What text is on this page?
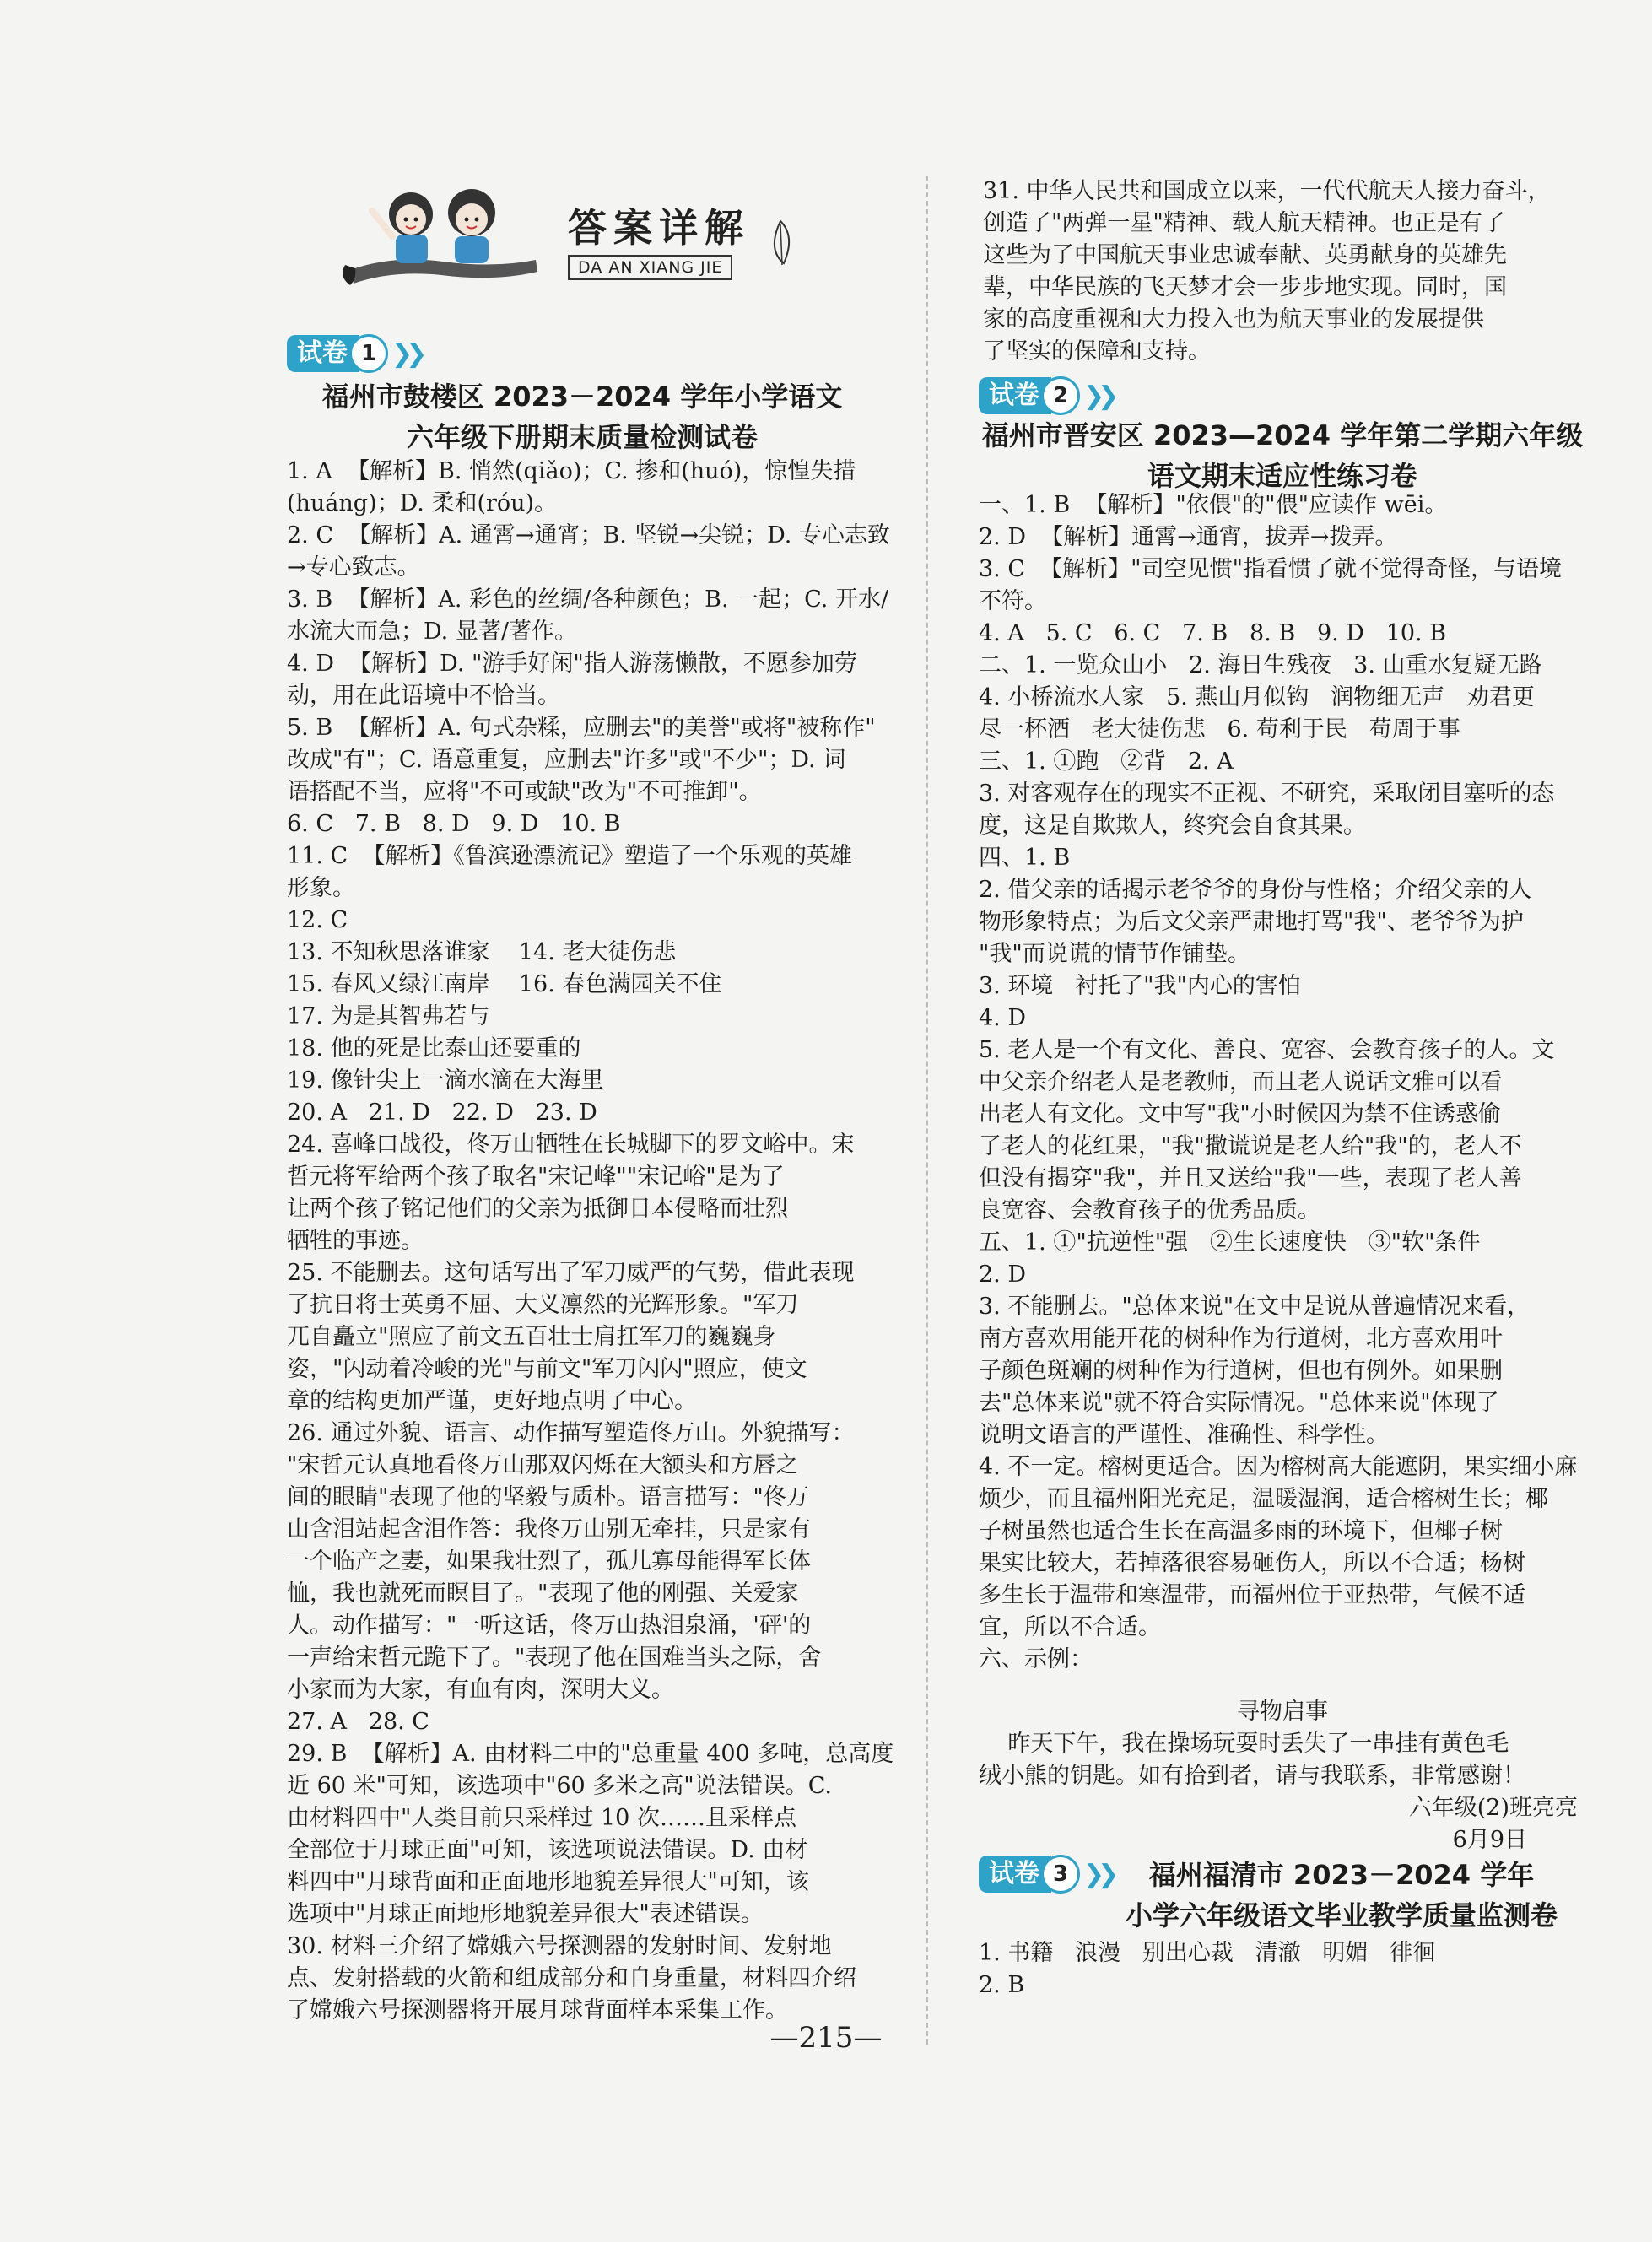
答案详解
DA AN XIANG JIE
试卷 1 ❯❯
福州市鼓楼区 2023－2024 学年小学语文
六年级下册期末质量检测试卷
1. A  【解析】B. 悄然(qiǎo)；C. 掺和(huó)，惊惶失措
(huáng)；D. 柔和(róu)。
2. C  【解析】A. 通霄→通宵；B. 坚锐→尖锐；D. 专心志致
→专心致志。
3. B  【解析】A. 彩色的丝绸/各种颜色；B. 一起；C. 开水/
水流大而急；D. 显著/著作。
4. D  【解析】D. "游手好闲"指人游荡懒散，不愿参加劳
动，用在此语境中不恰当。
5. B  【解析】A. 句式杂糅，应删去"的美誉"或将"被称作"
改成"有"；C. 语意重复，应删去"许多"或"不少"；D. 词
语搭配不当，应将"不可或缺"改为"不可推卸"。
6. C   7. B   8. D   9. D   10. B
11. C  【解析】《鲁滨逊漂流记》塑造了一个乐观的英雄
形象。
12. C
13. 不知秋思落谁家    14. 老大徒伤悲
15. 春风又绿江南岸    16. 春色满园关不住
17. 为是其智弗若与
18. 他的死是比泰山还要重的
19. 像针尖上一滴水滴在大海里
20. A   21. D   22. D   23. D
24. 喜峰口战役，佟万山牺牲在长城脚下的罗文峪中。宋
哲元将军给两个孩子取名"宋记峰""宋记峪"是为了
让两个孩子铭记他们的父亲为抵御日本侵略而壮烈
牺牲的事迹。
25. 不能删去。这句话写出了军刀威严的气势，借此表现
了抗日将士英勇不屈、大义凛然的光辉形象。"军刀
兀自矗立"照应了前文五百壮士肩扛军刀的巍巍身
姿，"闪动着冷峻的光"与前文"军刀闪闪"照应，使文
章的结构更加严谨，更好地点明了中心。
26. 通过外貌、语言、动作描写塑造佟万山。外貌描写：
"宋哲元认真地看佟万山那双闪烁在大额头和方唇之
间的眼睛"表现了他的坚毅与质朴。语言描写："佟万
山含泪站起含泪作答：我佟万山别无牵挂，只是家有
一个临产之妻，如果我壮烈了，孤儿寡母能得军长体
恤，我也就死而瞑目了。"表现了他的刚强、关爱家
人。动作描写："一听这话，佟万山热泪泉涌，'砰'的
一声给宋哲元跪下了。"表现了他在国难当头之际，舍
小家而为大家，有血有肉，深明大义。
27. A   28. C
29. B  【解析】A. 由材料二中的"总重量 400 多吨，总高度
近 60 米"可知，该选项中"60 多米之高"说法错误。C.
由材料四中"人类目前只采样过 10 次……且采样点
全部位于月球正面"可知，该选项说法错误。D. 由材
料四中"月球背面和正面地形地貌差异很大"可知，该
选项中"月球正面地形地貌差异很大"表述错误。
30. 材料三介绍了嫦娥六号探测器的发射时间、发射地
点、发射搭载的火箭和组成部分和自身重量，材料四介绍
了嫦娥六号探测器将开展月球背面样本采集工作。
31. 中华人民共和国成立以来，一代代航天人接力奋斗，
创造了"两弹一星"精神、载人航天精神。也正是有了
这些为了中国航天事业忠诚奉献、英勇献身的英雄先
辈，中华民族的飞天梦才会一步步地实现。同时，国
家的高度重视和大力投入也为航天事业的发展提供
了坚实的保障和支持。
试卷 2 ❯❯
福州市晋安区 2023—2024 学年第二学期六年级
语文期末适应性练习卷
一、1. B  【解析】"依偎"的"偎"应读作 wēi。
2. D  【解析】通霄→通宵，拔弄→拨弄。
3. C  【解析】"司空见惯"指看惯了就不觉得奇怪，与语境
不符。
4. A   5. C   6. C   7. B   8. B   9. D   10. B
二、1. 一览众山小   2. 海日生残夜   3. 山重水复疑无路
4. 小桥流水人家   5. 燕山月似钩   润物细无声   劝君更
尽一杯酒   老大徒伤悲   6. 苟利于民   苟周于事
三、1. ①跑   ②背   2. A
3. 对客观存在的现实不正视、不研究，采取闭目塞听的态
度，这是自欺欺人，终究会自食其果。
四、1. B
2. 借父亲的话揭示老爷爷的身份与性格；介绍父亲的人
物形象特点；为后文父亲严肃地打骂"我"、老爷爷为护
"我"而说谎的情节作铺垫。
3. 环境   衬托了"我"内心的害怕
4. D
5. 老人是一个有文化、善良、宽容、会教育孩子的人。文
中父亲介绍老人是老教师，而且老人说话文雅可以看
出老人有文化。文中写"我"小时候因为禁不住诱惑偷
了老人的花红果，"我"撒谎说是老人给"我"的，老人不
但没有揭穿"我"，并且又送给"我"一些，表现了老人善
良宽容、会教育孩子的优秀品质。
五、1. ①"抗逆性"强   ②生长速度快   ③"软"条件
2. D
3. 不能删去。"总体来说"在文中是说从普遍情况来看，
南方喜欢用能开花的树种作为行道树，北方喜欢用叶
子颜色斑斓的树种作为行道树，但也有例外。如果删
去"总体来说"就不符合实际情况。"总体来说"体现了
说明文语言的严谨性、准确性、科学性。
4. 不一定。榕树更适合。因为榕树高大能遮阴，果实细小麻
烦少，而且福州阳光充足，温暖湿润，适合榕树生长；椰
子树虽然也适合生长在高温多雨的环境下，但椰子树
果实比较大，若掉落很容易砸伤人，所以不合适；杨树
多生长于温带和寒温带，而福州位于亚热带，气候不适
宜，所以不合适。
六、示例：
寻物启事
昨天下午，我在操场玩耍时丢失了一串挂有黄色毛
绒小熊的钥匙。如有拾到者，请与我联系，非常感谢！
六年级(2)班亮亮
6月9日
试卷 3 ❯❯	福州福清市 2023－2024 学年
小学六年级语文毕业教学质量监测卷
1. 书籍   浪漫   别出心裁   清澈   明媚   徘徊
2. B
—215—
